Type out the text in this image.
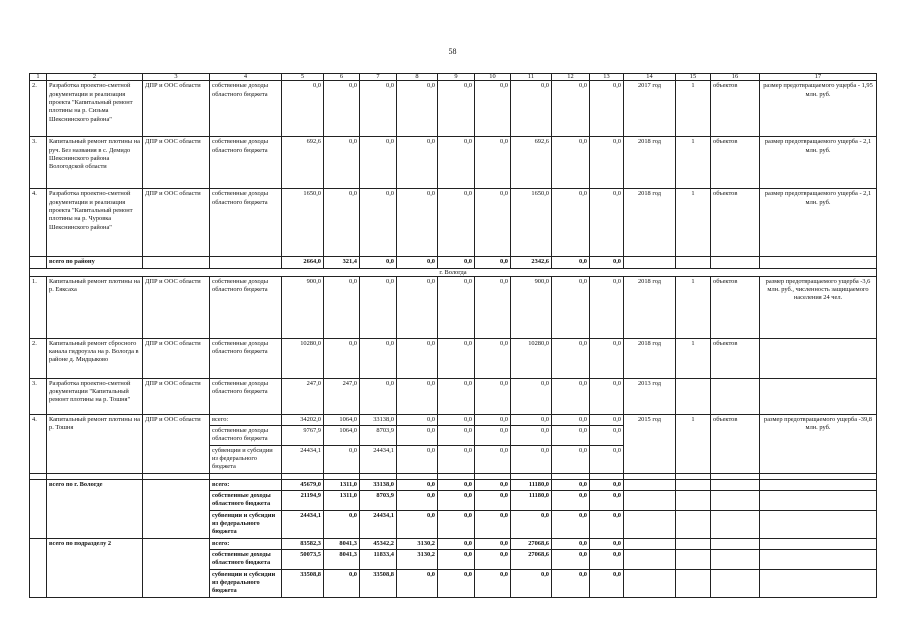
58
1	2	3	4	5	6	7	8	9	10	11	12	13	14	15	16	17
2.	Разработка проектно-сметной документации и реализация проекта "Капитальный ремонт плотины на р. Сизьма Шекснинского района"	ДПР и ООС области	собственные доходы областного бюджета	0,0	0,0	0,0	0,0	0,0	0,0	0,0	0,0	0,0	2017 год	1	объектов	размер предотвращаемого ущерба - 1,95 млн. руб.
3.	Капитальный ремонт плотины на руч. Без названия в с. Демидо Шекснинского района Вологодской области	ДПР и ООС области	собственные доходы областного бюджета	692,6	0,0	0,0	0,0	0,0	0,0	692,6	0,0	0,0	2018 год	1	объектов	размер предотвращаемого ущерба - 2,1 млн. руб.
4.	Разработка проектно-сметной документации и реализация проекта "Капитальный ремонт плотины на р. Чуровка Шекснинского района"	ДПР и ООС области	собственные доходы областного бюджета	1650,0	0,0	0,0	0,0	0,0	0,0	1650,0	0,0	0,0	2018 год	1	объектов	размер предотвращаемого ущерба - 2,1 млн. руб.
	всего по району			2664,0	321,4	0,0	0,0	0,0	0,0	2342,6	0,0	0,0				
г. Вологда																
1.	Капитальный ремонт плотины на р. Еяксаха	ДПР и ООС области	собственные доходы областного бюджета	900,0	0,0	0,0	0,0	0,0	0,0	900,0	0,0	0,0	2018 год	1	объектов	размер предотвращаемого ущерба -3,6 млн. руб., численность защищаемого населения 24 чел.
2.	Капитальный ремонт сбросного канала гидроузла на р. Вологда в районе д. Мидцыково	ДПР и ООС области	собственные доходы областного бюджета	10280,0	0,0	0,0	0,0	0,0	0,0	10280,0	0,0	0,0	2018 год	1	объектов	
3.	Разработка проектно-сметной документации "Капитальный ремонт плотины на р. Тошня"	ДПР и ООС области	собственные доходы областного бюджета	247,0	247,0	0,0	0,0	0,0	0,0	0,0	0,0	0,0	2013 год			
4.	Капитальный ремонт плотины на р. Тошня	ДПР и ООС области	всего:	34202,0	1064,0	33138,0	0,0	0,0	0,0	0,0	0,0	0,0	2015 год	1	объектов	размер предотвращаемого ущерба -39,8 млн. руб.
			собственные доходы областного бюджета	9767,9	1064,0	8703,9	0,0	0,0	0,0	0,0	0,0	0,0				
			субвенции и субсидии из федерального бюджета	24434,1	0,0	24434,1	0,0	0,0	0,0	0,0	0,0	0,0				

	всего по г. Вологде		всего:	45679,0	1311,0	33138,0	0,0	0,0	0,0	11180,0	0,0	0,0				
			собственные доходы областного бюджета	21194,9	1311,0	8703,9	0,0	0,0	0,0	11180,0	0,0	0,0				
			субвенции и субсидии из федерального бюджета	24434,1	0,0	24434,1	0,0	0,0	0,0	0,0	0,0	0,0				
	всего по подразделу 2		всего:	83582,3	8041,3	45342,2	3130,2	0,0	0,0	27068,6	0,0	0,0				
			собственные доходы областного бюджета	50073,5	8041,3	11833,4	3130,2	0,0	0,0	27068,6	0,0	0,0				
			субвенции и субсидии из федерального бюджета	33508,8	0,0	33508,8	0,0	0,0	0,0	0,0	0,0	0,0				
